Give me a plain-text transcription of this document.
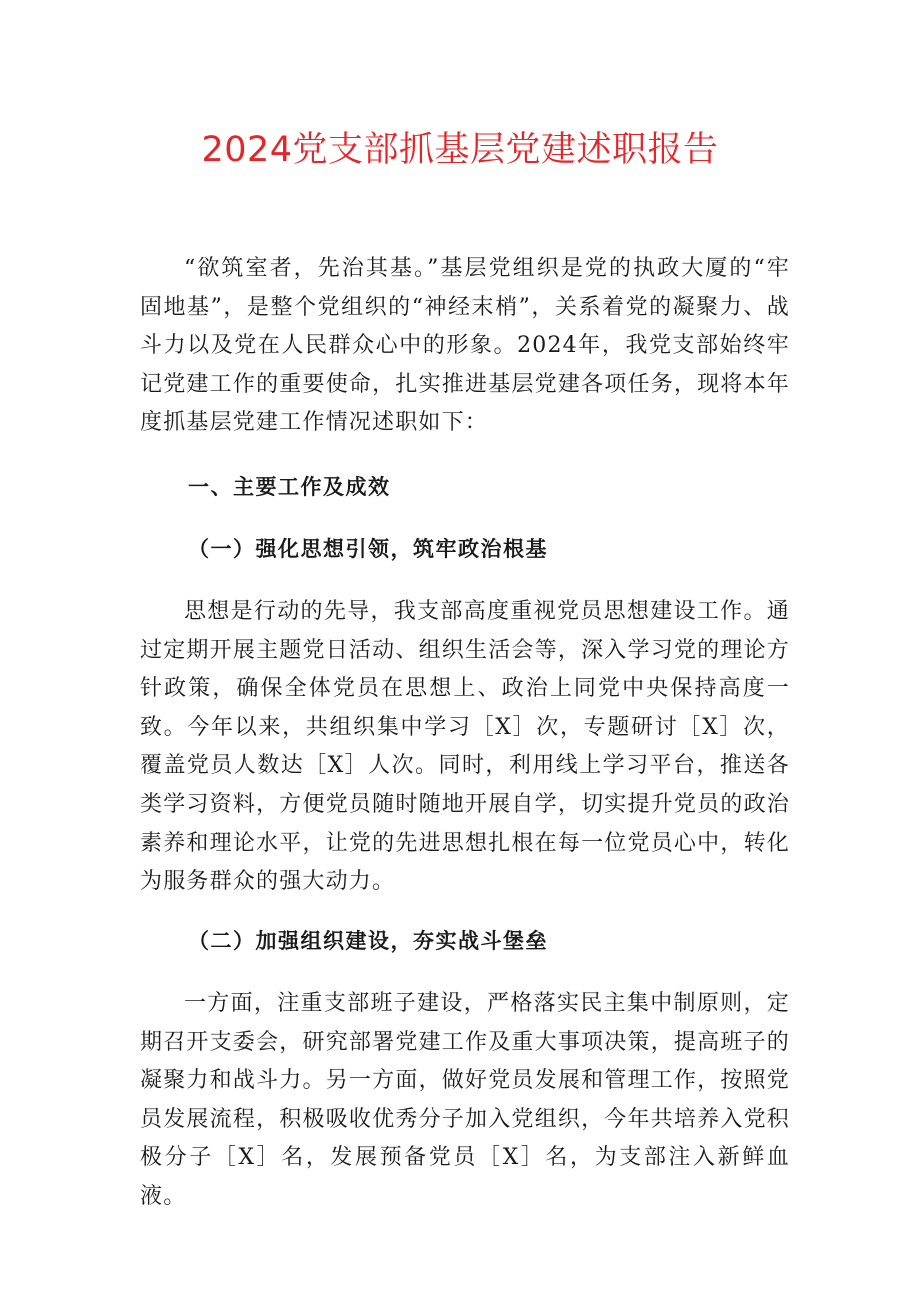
2024党支部抓基层党建述职报告

“欲筑室者，先治其基。”基层党组织是党的执政大厦的“牢固地基”，是整个党组织的“神经末梢”，关系着党的凝聚力、战斗力以及党在人民群众心中的形象。2024年，我党支部始终牢记党建工作的重要使命，扎实推进基层党建各项任务，现将本年度抓基层党建工作情况述职如下：

一、主要工作及成效
（一）强化思想引领，筑牢政治根基

思想是行动的先导，我支部高度重视党员思想建设工作。通过定期开展主题党日活动、组织生活会等，深入学习党的理论方针政策，确保全体党员在思想上、政治上同党中央保持高度一致。今年以来，共组织集中学习［X］次，专题研讨［X］次，覆盖党员人数达［X］人次。同时，利用线上学习平台，推送各类学习资料，方便党员随时随地开展自学，切实提升党员的政治素养和理论水平，让党的先进思想扎根在每一位党员心中，转化为服务群众的强大动力。

（二）加强组织建设，夯实战斗堡垒

一方面，注重支部班子建设，严格落实民主集中制原则，定期召开支委会，研究部署党建工作及重大事项决策，提高班子的凝聚力和战斗力。另一方面，做好党员发展和管理工作，按照党员发展流程，积极吸收优秀分子加入党组织，今年共培养入党积极分子［X］名，发展预备党员［X］名，为支部注入新鲜血液。
